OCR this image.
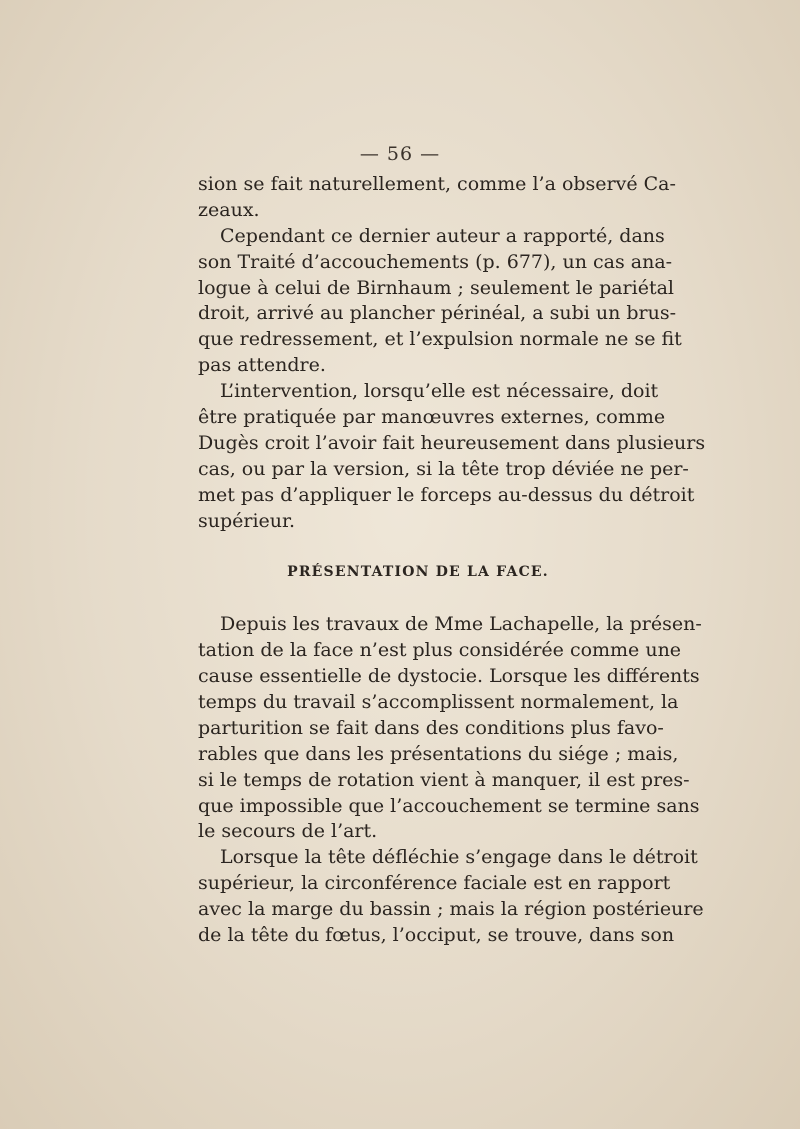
— 56 —
sion se fait naturellement, comme l’a observé Ca-
zeaux.
Cependant ce dernier auteur a rapporté, dans
son Traité d’accouchements (p. 677), un cas ana-
logue à celui de Birnhaum ; seulement le pariétal
droit, arrivé au plancher périnéal, a subi un brus-
que redressement, et l’expulsion normale ne se fit
pas attendre.
L’intervention, lorsqu’elle est nécessaire, doit
être pratiquée par manœuvres externes, comme
Dugès croit l’avoir fait heureusement dans plusieurs
cas, ou par la version, si la tête trop déviée ne per-
met pas d’appliquer le forceps au-dessus du détroit
supérieur.
PRÉSENTATION DE LA FACE.
Depuis les travaux de Mme Lachapelle, la présen-
tation de la face n’est plus considérée comme une
cause essentielle de dystocie. Lorsque les différents
temps du travail s’accomplissent normalement, la
parturition se fait dans des conditions plus favo-
rables que dans les présentations du siége ; mais,
si le temps de rotation vient à manquer, il est pres-
que impossible que l’accouchement se termine sans
le secours de l’art.
Lorsque la tête défléchie s’engage dans le détroit
supérieur, la circonférence faciale est en rapport
avec la marge du bassin ; mais la région postérieure
de la tête du fœtus, l’occiput, se trouve, dans son
